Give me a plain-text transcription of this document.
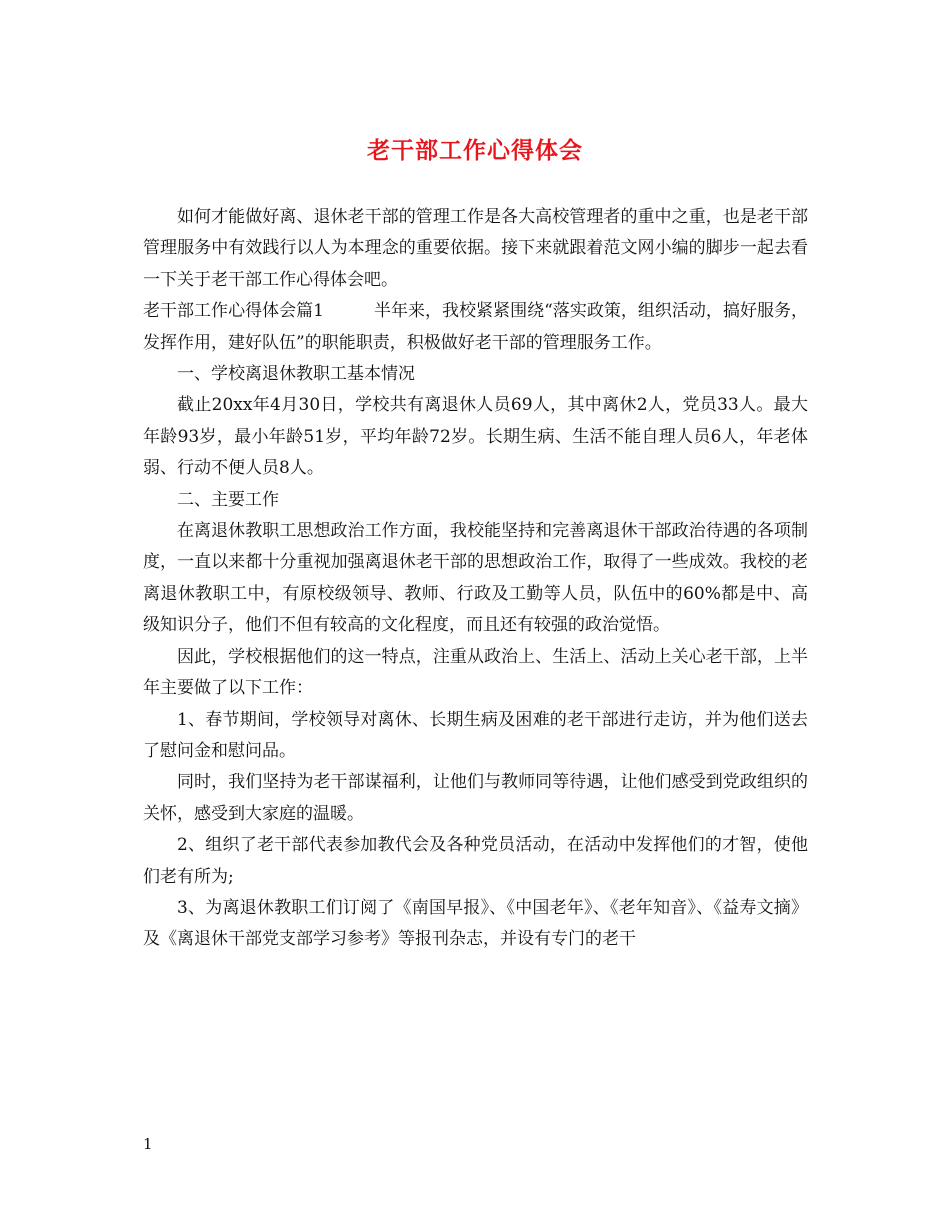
老干部工作心得体会

如何才能做好离、退休老干部的管理工作是各大高校管理者的重中之重，也是老干部管理服务中有效践行以人为本理念的重要依据。接下来就跟着范文网小编的脚步一起去看一下关于老干部工作心得体会吧。

老干部工作心得体会篇1	半年来，我校紧紧围绕“落实政策，组织活动，搞好服务，发挥作用，建好队伍”的职能职责，积极做好老干部的管理服务工作。

一、学校离退休教职工基本情况

截止20xx年4月30日，学校共有离退休人员69人，其中离休2人，党员33人。最大年龄93岁，最小年龄51岁，平均年龄72岁。长期生病、生活不能自理人员6人，年老体弱、行动不便人员8人。

二、主要工作

在离退休教职工思想政治工作方面，我校能坚持和完善离退休干部政治待遇的各项制度，一直以来都十分重视加强离退休老干部的思想政治工作，取得了一些成效。我校的老离退休教职工中，有原校级领导、教师、行政及工勤等人员，队伍中的60%都是中、高级知识分子，他们不但有较高的文化程度，而且还有较强的政治觉悟。

因此，学校根据他们的这一特点，注重从政治上、生活上、活动上关心老干部，上半年主要做了以下工作：

1、春节期间，学校领导对离休、长期生病及困难的老干部进行走访，并为他们送去了慰问金和慰问品。

同时，我们坚持为老干部谋福利，让他们与教师同等待遇，让他们感受到党政组织的关怀，感受到大家庭的温暖。

2、组织了老干部代表参加教代会及各种党员活动，在活动中发挥他们的才智，使他们老有所为;

3、为离退休教职工们订阅了《南国早报》、《中国老年》、《老年知音》、《益寿文摘》及《离退休干部党支部学习参考》等报刊杂志，并设有专门的老干

1
